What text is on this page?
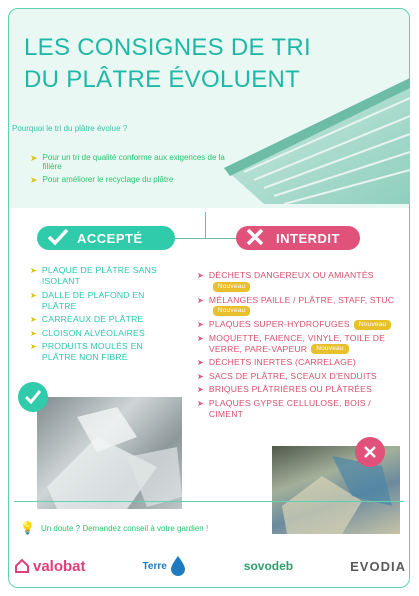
LES CONSIGNES DE TRI
DU PLÂTRE ÉVOLUENT
Pourquoi le tri du plâtre évolue ?
➤ Pour un tri de qualité conforme aux exigences de la filière
➤ Pour améliorer le recyclage du plâtre
ACCEPTÉ	INTERDIT
➤ PLAQUE DE PLÂTRE SANS ISOLANT
➤ DALLE DE PLAFOND EN PLÂTRE
➤ CARREAUX DE PLÂTRE
➤ CLOISON ALVÉOLAIRES
➤ PRODUITS MOULÉS EN PLÂTRE NON FIBRÉ
➤ DÉCHETS DANGEREUX OU AMIANTÉSNouveau
➤ MÉLANGES PAILLE / PLÂTRE, STAFF, STUCNouveau
➤ PLAQUES SUPER-HYDROFUGES Nouveau
➤ MOQUETTE, FAIENCE, VINYLE, TOILE DE VERRE, PARE-VAPEUR Nouveau
➤ DÉCHETS INERTES (CARRELAGE)
➤ SACS DE PLÂTRE, SCEAUX D'ENDUITS
➤ BRIQUES PLÂTRIÈRES OU PLÂTRÉES
➤ PLAQUES GYPSE CELLULOSE, BOIS / CIMENT
💡 Un doute ? Demandez conseil à votre gardien !
valobat	Terre	sovodeb	EVODIA
